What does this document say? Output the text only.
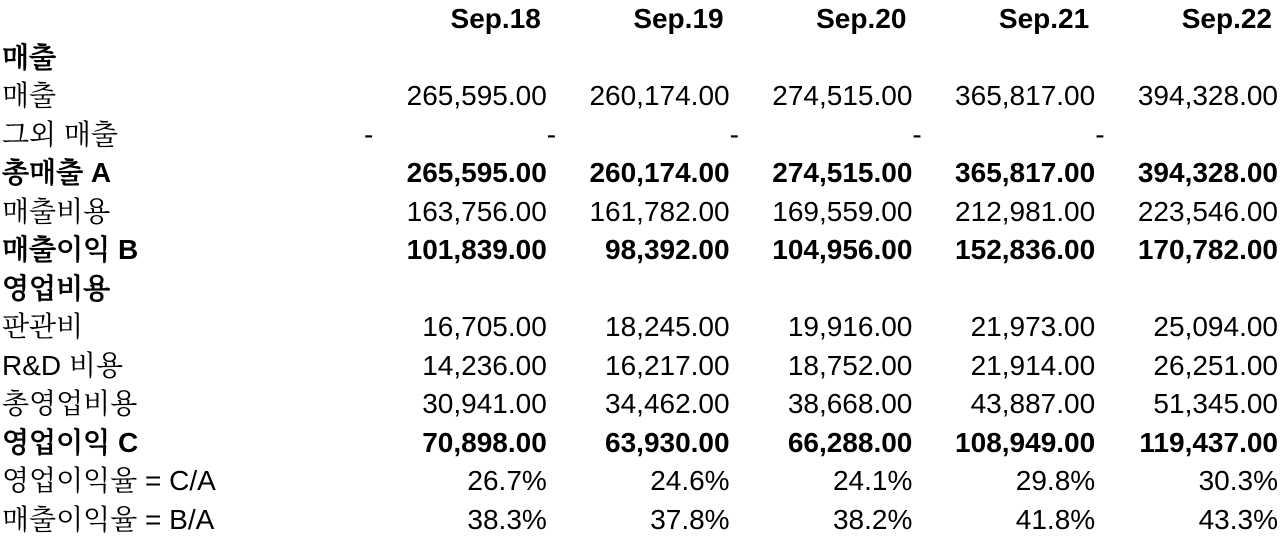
	Sep.18	Sep.19	Sep.20	Sep.21	Sep.22
매출					
매출	265,595.00	260,174.00	274,515.00	365,817.00	394,328.00
그외 매출	-	-	-	-	-
총매출 A	265,595.00	260,174.00	274,515.00	365,817.00	394,328.00
매출비용	163,756.00	161,782.00	169,559.00	212,981.00	223,546.00
매출이익 B	101,839.00	98,392.00	104,956.00	152,836.00	170,782.00
영업비용					
판관비	16,705.00	18,245.00	19,916.00	21,973.00	25,094.00
R&D 비용	14,236.00	16,217.00	18,752.00	21,914.00	26,251.00
총영업비용	30,941.00	34,462.00	38,668.00	43,887.00	51,345.00
영업이익 C	70,898.00	63,930.00	66,288.00	108,949.00	119,437.00
영업이익율 = C/A	26.7%	24.6%	24.1%	29.8%	30.3%
매출이익율 = B/A	38.3%	37.8%	38.2%	41.8%	43.3%
